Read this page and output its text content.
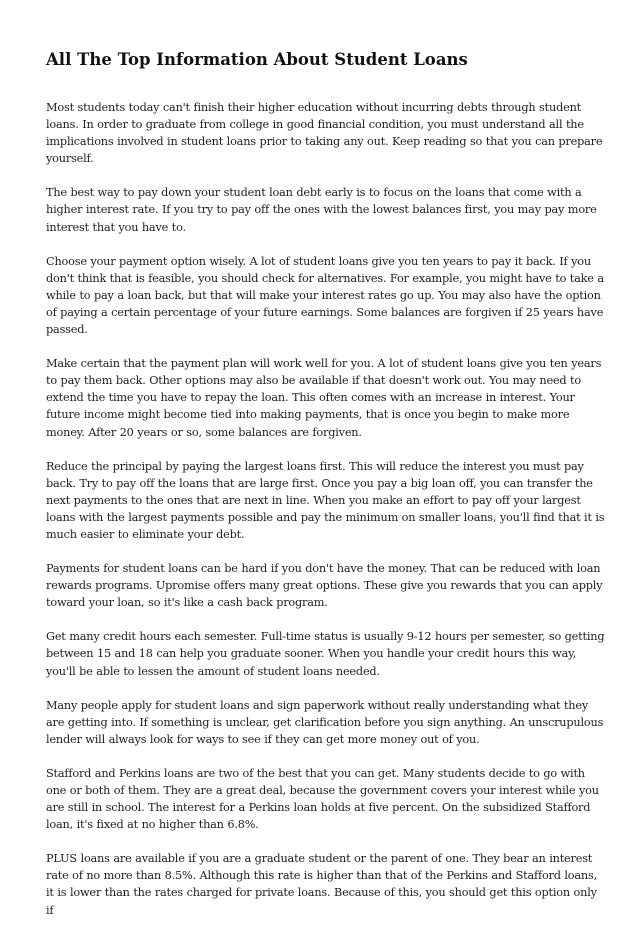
All The Top Information About Student Loans

Most students today can't finish their higher education without incurring debts through student loans. In order to graduate from college in good financial condition, you must understand all the implications involved in student loans prior to taking any out. Keep reading so that you can prepare yourself.

The best way to pay down your student loan debt early is to focus on the loans that come with a higher interest rate. If you try to pay off the ones with the lowest balances first, you may pay more interest that you have to.

Choose your payment option wisely. A lot of student loans give you ten years to pay it back. If you don't think that is feasible, you should check for alternatives. For example, you might have to take a while to pay a loan back, but that will make your interest rates go up. You may also have the option of paying a certain percentage of your future earnings. Some balances are forgiven if 25 years have passed.

Make certain that the payment plan will work well for you. A lot of student loans give you ten years to pay them back. Other options may also be available if that doesn't work out. You may need to extend the time you have to repay the loan. This often comes with an increase in interest. Your future income might become tied into making payments, that is once you begin to make more money. After 20 years or so, some balances are forgiven.

Reduce the principal by paying the largest loans first. This will reduce the interest you must pay back. Try to pay off the loans that are large first. Once you pay a big loan off, you can transfer the next payments to the ones that are next in line. When you make an effort to pay off your largest loans with the largest payments possible and pay the minimum on smaller loans, you'll find that it is much easier to eliminate your debt.

Payments for student loans can be hard if you don't have the money. That can be reduced with loan rewards programs. Upromise offers many great options. These give you rewards that you can apply toward your loan, so it's like a cash back program.

Get many credit hours each semester. Full-time status is usually 9-12 hours per semester, so getting between 15 and 18 can help you graduate sooner. When you handle your credit hours this way, you'll be able to lessen the amount of student loans needed.

Many people apply for student loans and sign paperwork without really understanding what they are getting into. If something is unclear, get clarification before you sign anything. An unscrupulous lender will always look for ways to see if they can get more money out of you.

Stafford and Perkins loans are two of the best that you can get. Many students decide to go with one or both of them. They are a great deal, because the government covers your interest while you are still in school. The interest for a Perkins loan holds at five percent. On the subsidized Stafford loan, it's fixed at no higher than 6.8%.

PLUS loans are available if you are a graduate student or the parent of one. They bear an interest rate of no more than 8.5%. Although this rate is higher than that of the Perkins and Stafford loans, it is lower than the rates charged for private loans. Because of this, you should get this option only if
